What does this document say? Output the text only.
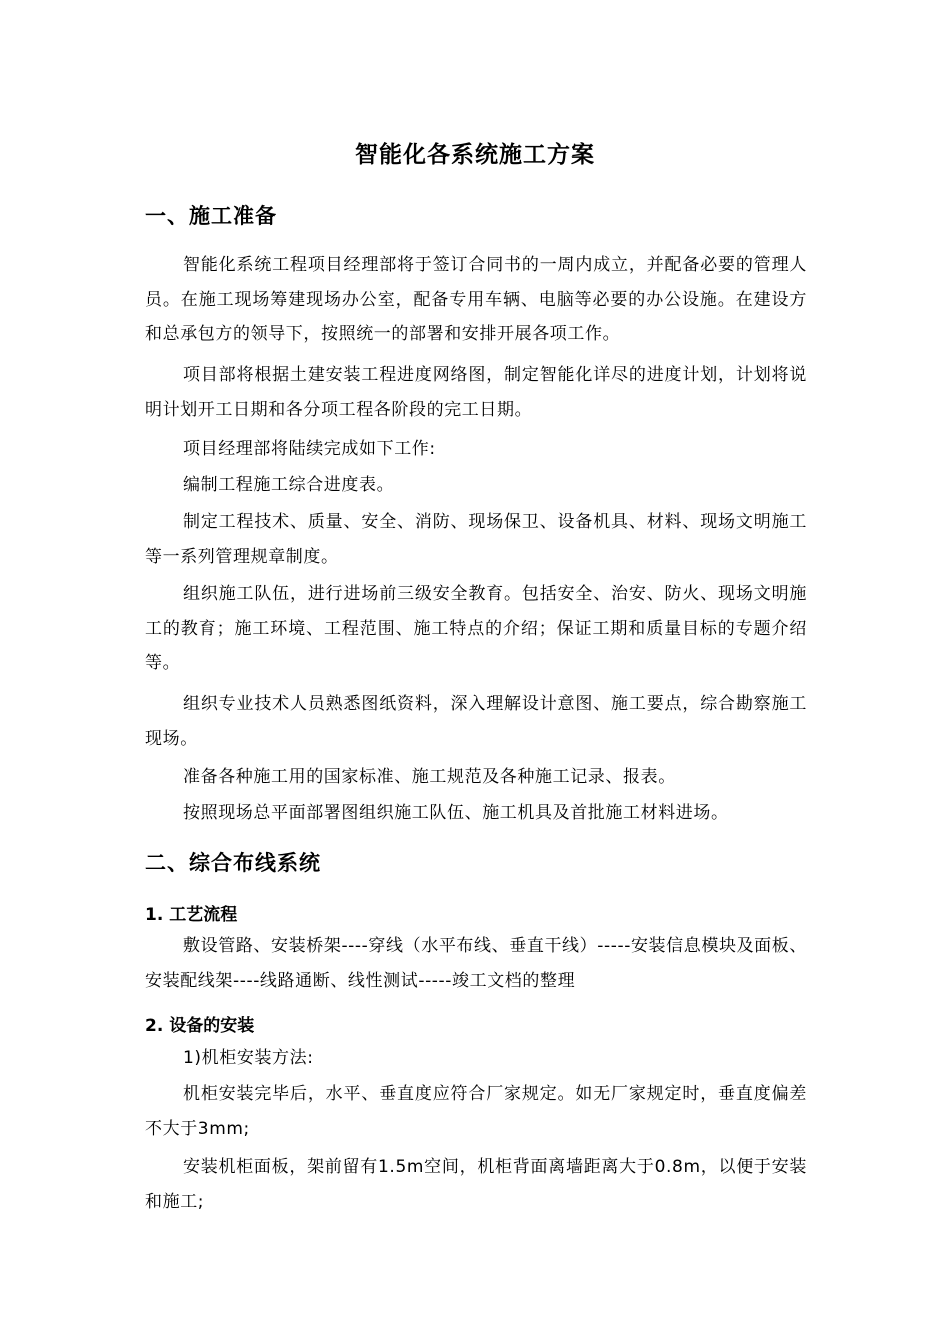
智能化各系统施工方案
一、施工准备

智能化系统工程项目经理部将于签订合同书的一周内成立，并配备必要的管理人员。在施工现场筹建现场办公室，配备专用车辆、电脑等必要的办公设施。在建设方和总承包方的领导下，按照统一的部署和安排开展各项工作。

项目部将根据土建安装工程进度网络图，制定智能化详尽的进度计划，计划将说明计划开工日期和各分项工程各阶段的完工日期。

项目经理部将陆续完成如下工作:

编制工程施工综合进度表。

制定工程技术、质量、安全、消防、现场保卫、设备机具、材料、现场文明施工等一系列管理规章制度。

组织施工队伍，进行进场前三级安全教育。包括安全、治安、防火、现场文明施工的教育；施工环境、工程范围、施工特点的介绍；保证工期和质量目标的专题介绍等。

组织专业技术人员熟悉图纸资料，深入理解设计意图、施工要点，综合勘察施工现场。

准备各种施工用的国家标准、施工规范及各种施工记录、报表。

按照现场总平面部署图组织施工队伍、施工机具及首批施工材料进场。

二、综合布线系统
1. 工艺流程

敷设管路、安装桥架----穿线（水平布线、垂直干线）-----安装信息模块及面板、安装配线架----线路通断、线性测试-----竣工文档的整理

2. 设备的安装

1)机柜安装方法:

机柜安装完毕后，水平、垂直度应符合厂家规定。如无厂家规定时，垂直度偏差不大于3mm;

安装机柜面板，架前留有1.5m空间，机柜背面离墙距离大于0.8m，以便于安装和施工;
